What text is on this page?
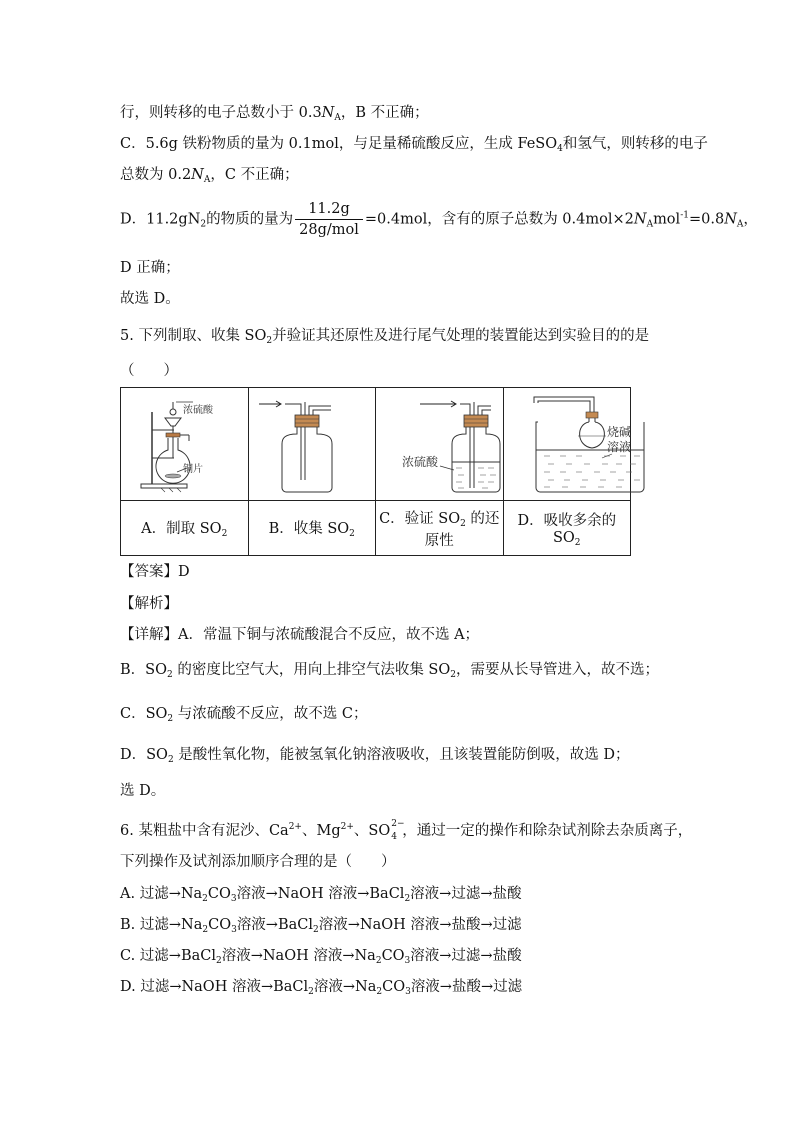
行，则转移的电子总数小于 $0.3N_A$，B 不正确；
C．5.6g 铁粉物质的量为 0.1mol，与足量稀硫酸反应，生成 FeSO$_4$和氢气，则转移的电子
总数为 $0.2N_A$，C 不正确；
D．$11.2gN_2$的物质的量为 $\frac{11.2g}{\text{28g/mol}} =0.4mol$，含有的原子总数为 $0.4mol\times 2N_Amol^{-1}=0.8N_A$，
D 正确；
故选 D。
5. 下列制取、收集 $SO_2$并验证其还原性及进行尾气处理的装置能达到实验目的的是
（　　）
浓硫酸
铜片		浓硫酸	烧碱
溶液

A．制取 $SO_2$	B．收集 $SO_2$	C．验证 $SO_2$ 的还原性	D．吸收多余的 $SO_2$
【答案】D
【解析】
【详解】A．常温下铜与浓硫酸混合不反应，故不选 A；
B．$SO_2$ 的密度比空气大，用向上排空气法收集 $SO_2$，需要从长导管进入，故不选；
C．$SO_2$ 与浓硫酸不反应，故不选 C；
D．$SO_2$ 是酸性氧化物，能被氢氧化钠溶液吸收，且该装置能防倒吸，故选 D；
选 D。
6. 某粗盐中含有泥沙、$Ca^{2+}$、$Mg^{2+}$、SO 2−
4 ，通过一定的操作和除杂试剂除去杂质离子，
下列操作及试剂添加顺序合理的是（　　）
A. 过滤$\to Na_2CO_3$溶液→NaOH 溶液→BaCl$_2$溶液→过滤→盐酸
B. 过滤$\to Na_2CO_3$溶液→BaCl$_2$溶液→NaOH 溶液→盐酸→过滤
C. 过滤→BaCl$_2$溶液→NaOH 溶液$\to Na_2CO_3$溶液→过滤→盐酸
D. 过滤→NaOH 溶液→BaCl$_2$溶液$\to Na_2CO_3$溶液→盐酸→过滤
